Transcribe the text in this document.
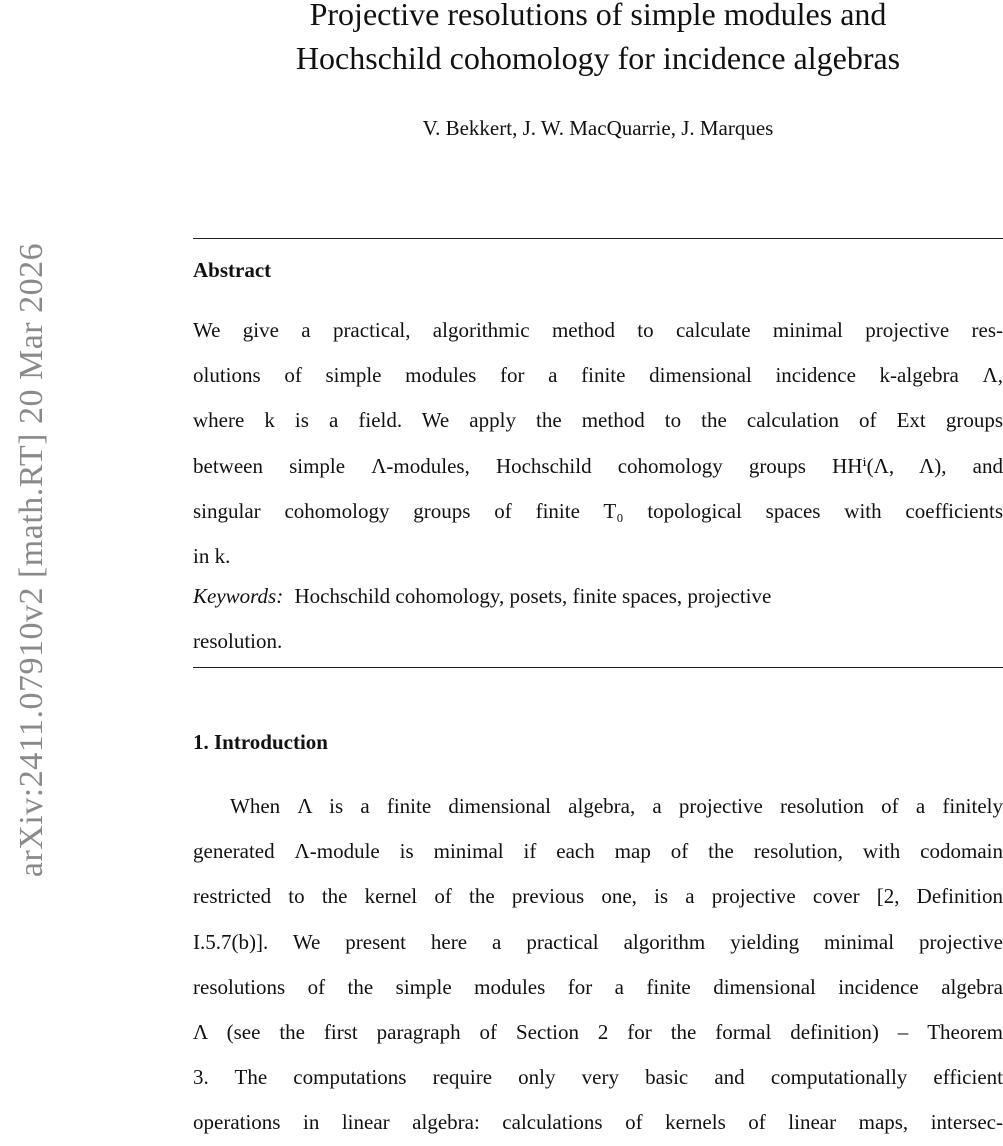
arXiv:2411.07910v2 [math.RT] 20 Mar 2026
Projective resolutions of simple modules and
Hochschild cohomology for incidence algebras
V. Bekkert, J. W. MacQuarrie, J. Marques

Abstract

We give a practical, algorithmic method to calculate minimal projective res-
olutions of simple modules for a finite dimensional incidence k-algebra Λ,
where k is a field. We apply the method to the calculation of Ext groups
between simple Λ-modules, Hochschild cohomology groups HHⁱ(Λ, Λ), and
singular cohomology groups of finite T₀ topological spaces with coefficients
in k.

Keywords: Hochschild cohomology, posets, finite spaces, projective
resolution.

1. Introduction

When Λ is a finite dimensional algebra, a projective resolution of a finitely
generated Λ-module is minimal if each map of the resolution, with codomain
restricted to the kernel of the previous one, is a projective cover [2, Definition
I.5.7(b)]. We present here a practical algorithm yielding minimal projective
resolutions of the simple modules for a finite dimensional incidence algebra
Λ (see the first paragraph of Section 2 for the formal definition) – Theorem
3. The computations require only very basic and computationally efficient
operations in linear algebra: calculations of kernels of linear maps, intersec-
